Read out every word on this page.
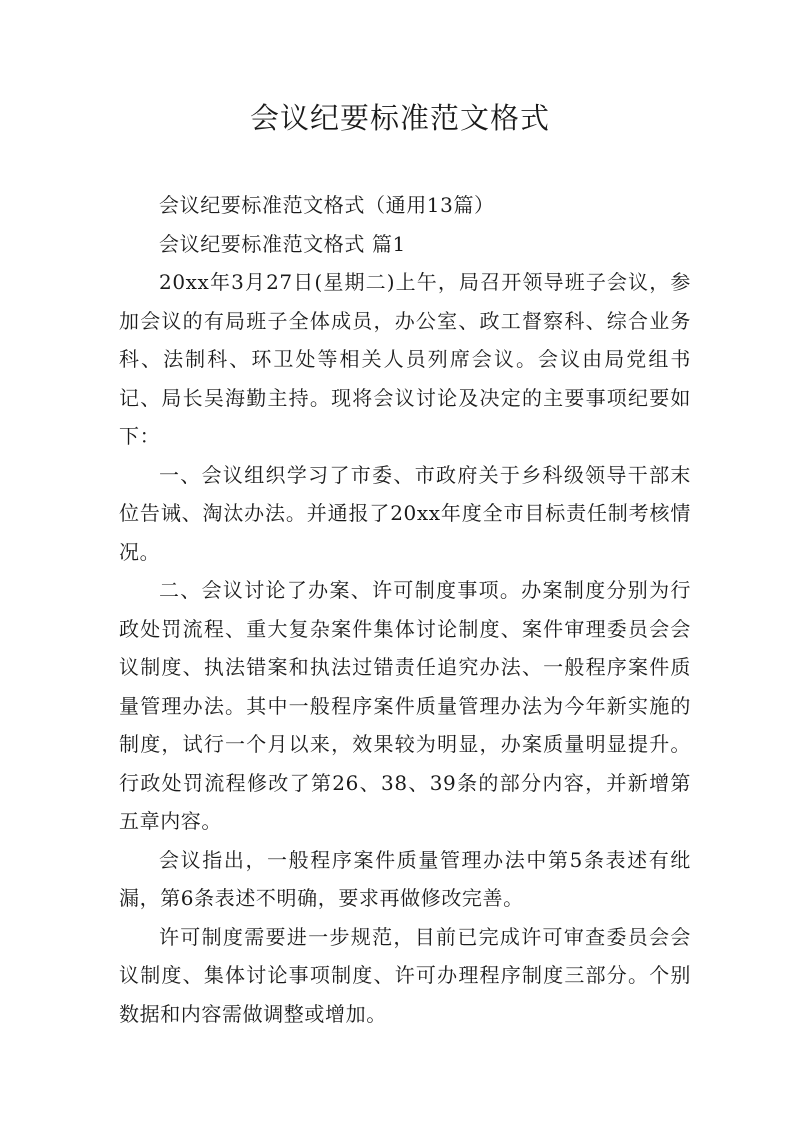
会议纪要标准范文格式

会议纪要标准范文格式（通用13篇）

会议纪要标准范文格式 篇1

20xx年3月27日(星期二)上午，局召开领导班子会议，参加会议的有局班子全体成员，办公室、政工督察科、综合业务科、法制科、环卫处等相关人员列席会议。会议由局党组书记、局长吴海勤主持。现将会议讨论及决定的主要事项纪要如下：

一、会议组织学习了市委、市政府关于乡科级领导干部末位告诫、淘汰办法。并通报了20xx年度全市目标责任制考核情况。

二、会议讨论了办案、许可制度事项。办案制度分别为行政处罚流程、重大复杂案件集体讨论制度、案件审理委员会会议制度、执法错案和执法过错责任追究办法、一般程序案件质量管理办法。其中一般程序案件质量管理办法为今年新实施的制度，试行一个月以来，效果较为明显，办案质量明显提升。行政处罚流程修改了第26、38、39条的部分内容，并新增第五章内容。

会议指出，一般程序案件质量管理办法中第5条表述有纰漏，第6条表述不明确，要求再做修改完善。

许可制度需要进一步规范，目前已完成许可审查委员会会议制度、集体讨论事项制度、许可办理程序制度三部分。个别数据和内容需做调整或增加。
